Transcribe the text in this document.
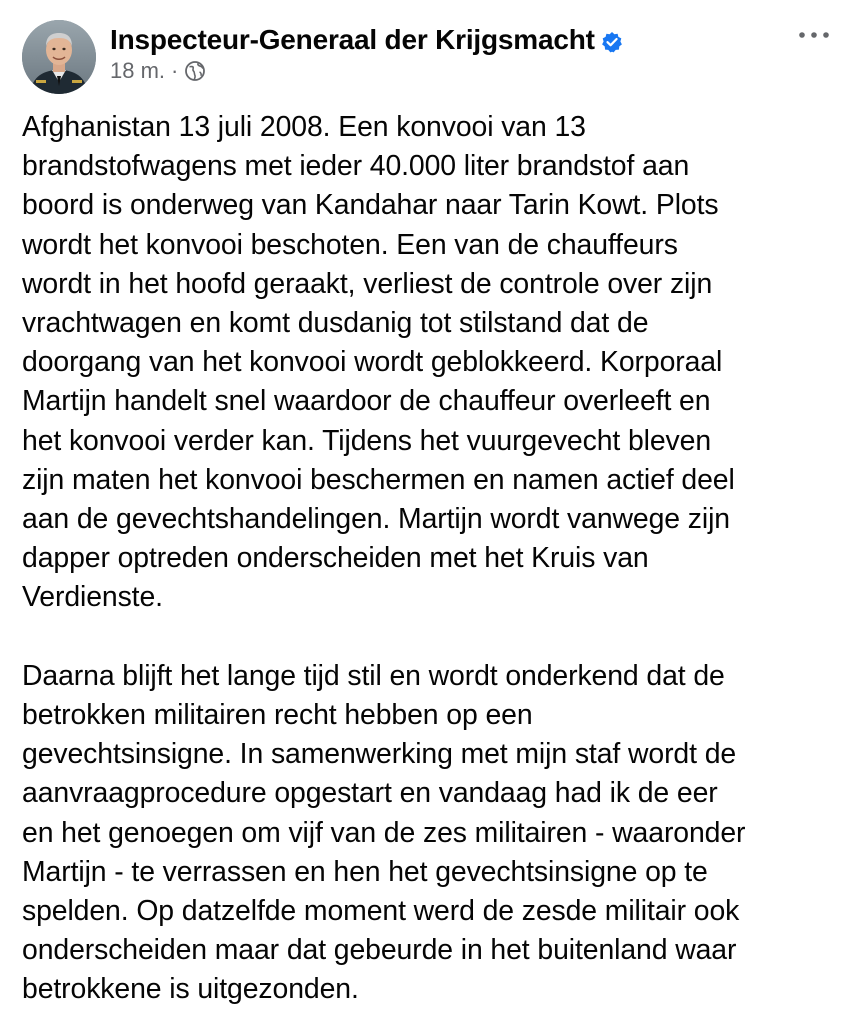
Inspecteur-Generaal der Krijgsmacht
18 m. ·

Afghanistan 13 juli 2008. Een konvooi van 13
brandstofwagens met ieder 40.000 liter brandstof aan
boord is onderweg van Kandahar naar Tarin Kowt. Plots
wordt het konvooi beschoten. Een van de chauffeurs
wordt in het hoofd geraakt, verliest de controle over zijn
vrachtwagen en komt dusdanig tot stilstand dat de
doorgang van het konvooi wordt geblokkeerd. Korporaal
Martijn handelt snel waardoor de chauffeur overleeft en
het konvooi verder kan. Tijdens het vuurgevecht bleven
zijn maten het konvooi beschermen en namen actief deel
aan de gevechtshandelingen. Martijn wordt vanwege zijn
dapper optreden onderscheiden met het Kruis van
Verdienste.

Daarna blijft het lange tijd stil en wordt onderkend dat de
betrokken militairen recht hebben op een
gevechtsinsigne. In samenwerking met mijn staf wordt de
aanvraagprocedure opgestart en vandaag had ik de eer
en het genoegen om vijf van de zes militairen - waaronder
Martijn - te verrassen en hen het gevechtsinsigne op te
spelden. Op datzelfde moment werd de zesde militair ook
onderscheiden maar dat gebeurde in het buitenland waar
betrokkene is uitgezonden.
